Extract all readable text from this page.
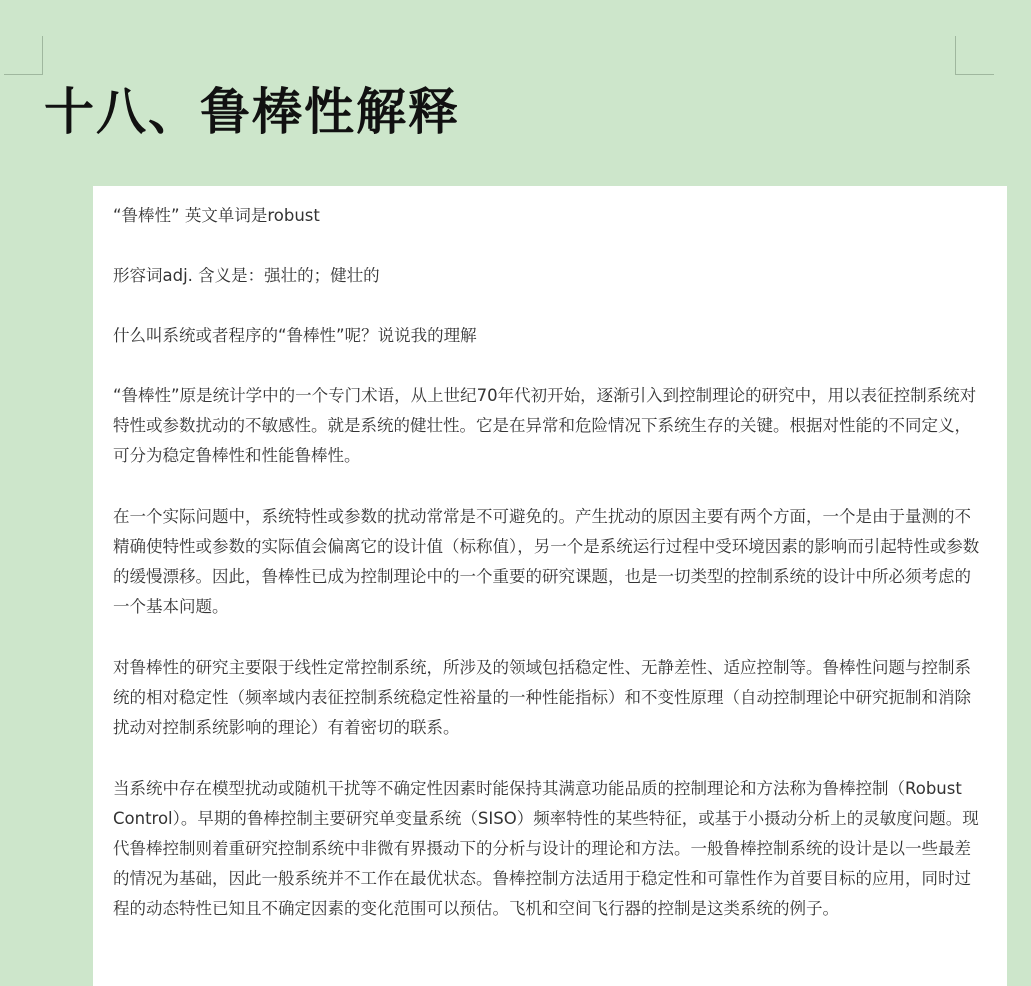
十八、鲁棒性解释

“鲁棒性” 英文单词是robust

形容词adj. 含义是：强壮的；健壮的

什么叫系统或者程序的“鲁棒性”呢？说说我的理解

“鲁棒性”原是统计学中的一个专门术语，从上世纪70年代初开始，逐渐引入到控制理论的研究中，用以表征控制系统对特性或参数扰动的不敏感性。就是系统的健壮性。它是在异常和危险情况下系统生存的关键。根据对性能的不同定义，可分为稳定鲁棒性和性能鲁棒性。

在一个实际问题中，系统特性或参数的扰动常常是不可避免的。产生扰动的原因主要有两个方面，一个是由于量测的不精确使特性或参数的实际值会偏离它的设计值（标称值），另一个是系统运行过程中受环境因素的影响而引起特性或参数的缓慢漂移。因此，鲁棒性已成为控制理论中的一个重要的研究课题，也是一切类型的控制系统的设计中所必须考虑的一个基本问题。

对鲁棒性的研究主要限于线性定常控制系统，所涉及的领域包括稳定性、无静差性、适应控制等。鲁棒性问题与控制系统的相对稳定性（频率域内表征控制系统稳定性裕量的一种性能指标）和不变性原理（自动控制理论中研究扼制和消除扰动对控制系统影响的理论）有着密切的联系。

当系统中存在模型扰动或随机干扰等不确定性因素时能保持其满意功能品质的控制理论和方法称为鲁棒控制（Robust Control）。早期的鲁棒控制主要研究单变量系统（SISO）频率特性的某些特征，或基于小摄动分析上的灵敏度问题。现代鲁棒控制则着重研究控制系统中非微有界摄动下的分析与设计的理论和方法。一般鲁棒控制系统的设计是以一些最差的情况为基础，因此一般系统并不工作在最优状态。鲁棒控制方法适用于稳定性和可靠性作为首要目标的应用，同时过程的动态特性已知且不确定因素的变化范围可以预估。飞机和空间飞行器的控制是这类系统的例子。
